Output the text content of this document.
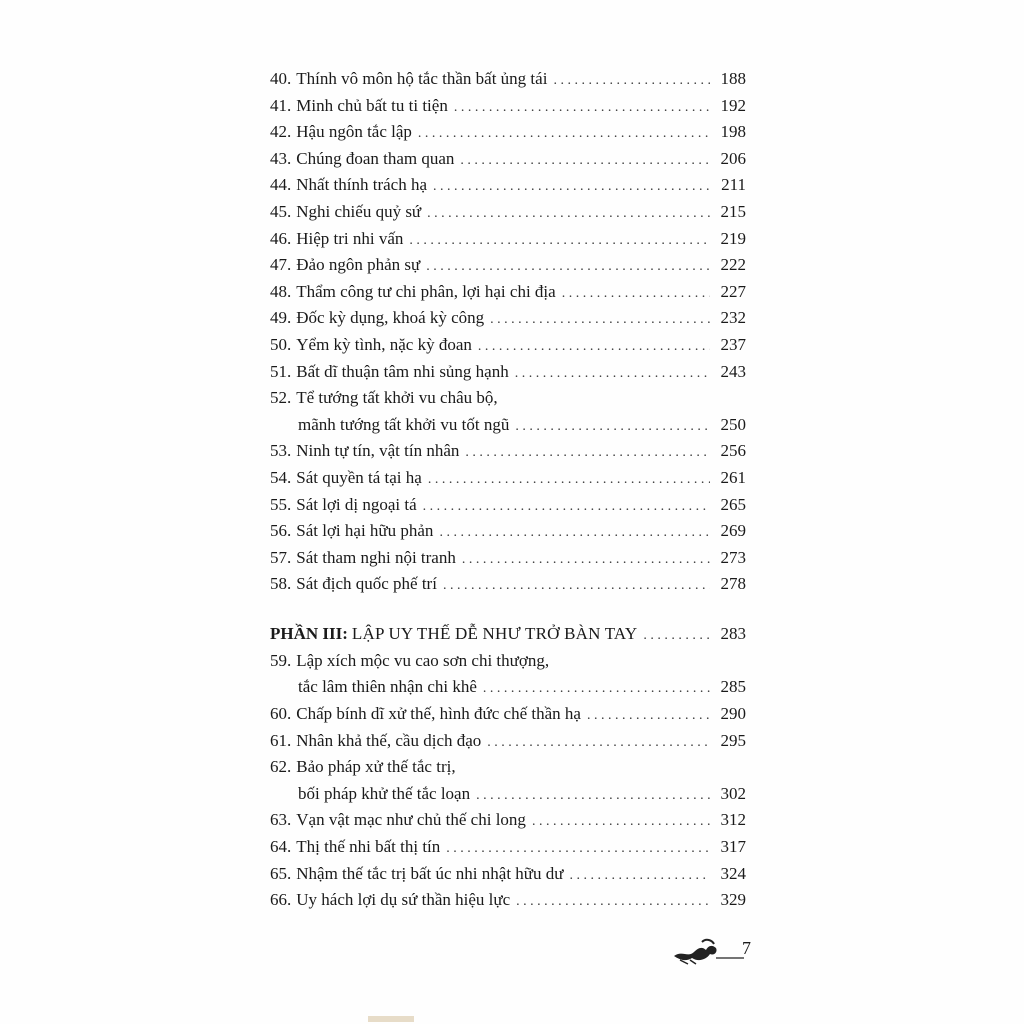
40. Thính vô môn hộ tắc thần bất ủng tái . . .	188
41. Minh chủ bất tu ti tiện . . .	192
42. Hậu ngôn tắc lập . . .	198
43. Chúng đoan tham quan . . .	206
44. Nhất thính trách hạ . . .	211
45. Nghi chiếu quỷ sứ . . .	215
46. Hiệp tri nhi vấn . . .	219
47. Đảo ngôn phản sự . . .	222
48. Thẩm công tư chi phân, lợi hại chi địa . . .	227
49. Đốc kỳ dụng, khoá kỳ công . . .	232
50. Yểm kỳ tình, nặc kỳ đoan . . .	237
51. Bất dĩ thuận tâm nhi sủng hạnh . . .	243
52. Tể tướng tất khởi vu châu bộ,
mãnh tướng tất khởi vu tốt ngũ . . .	250
53. Ninh tự tín, vật tín nhân . . .	256
54. Sát quyền tá tại hạ . . .	261
55. Sát lợi dị ngoại tá . . .	265
56. Sát lợi hại hữu phản . . .	269
57. Sát tham nghi nội tranh . . .	273
58. Sát địch quốc phế trí . . .	278
PHẦN III: LẬP UY THẾ DỄ NHƯ TRỞ BÀN TAY . . .	283
59. Lập xích mộc vu cao sơn chi thượng,
tắc lâm thiên nhận chi khê . . .	285
60. Chấp bính dĩ xử thế, hình đức chế thần hạ . . .	290
61. Nhân khả thế, cầu dịch đạo . . .	295
62. Bảo pháp xử thế tắc trị,
bối pháp khử thế tắc loạn . . .	302
63. Vạn vật mạc như chủ thế chi long . . .	312
64. Thị thế nhi bất thị tín . . .	317
65. Nhậm thế tắc trị bất úc nhi nhật hữu dư . . .	324
66. Uy hách lợi dụ sứ thần hiệu lực . . .	329
7
